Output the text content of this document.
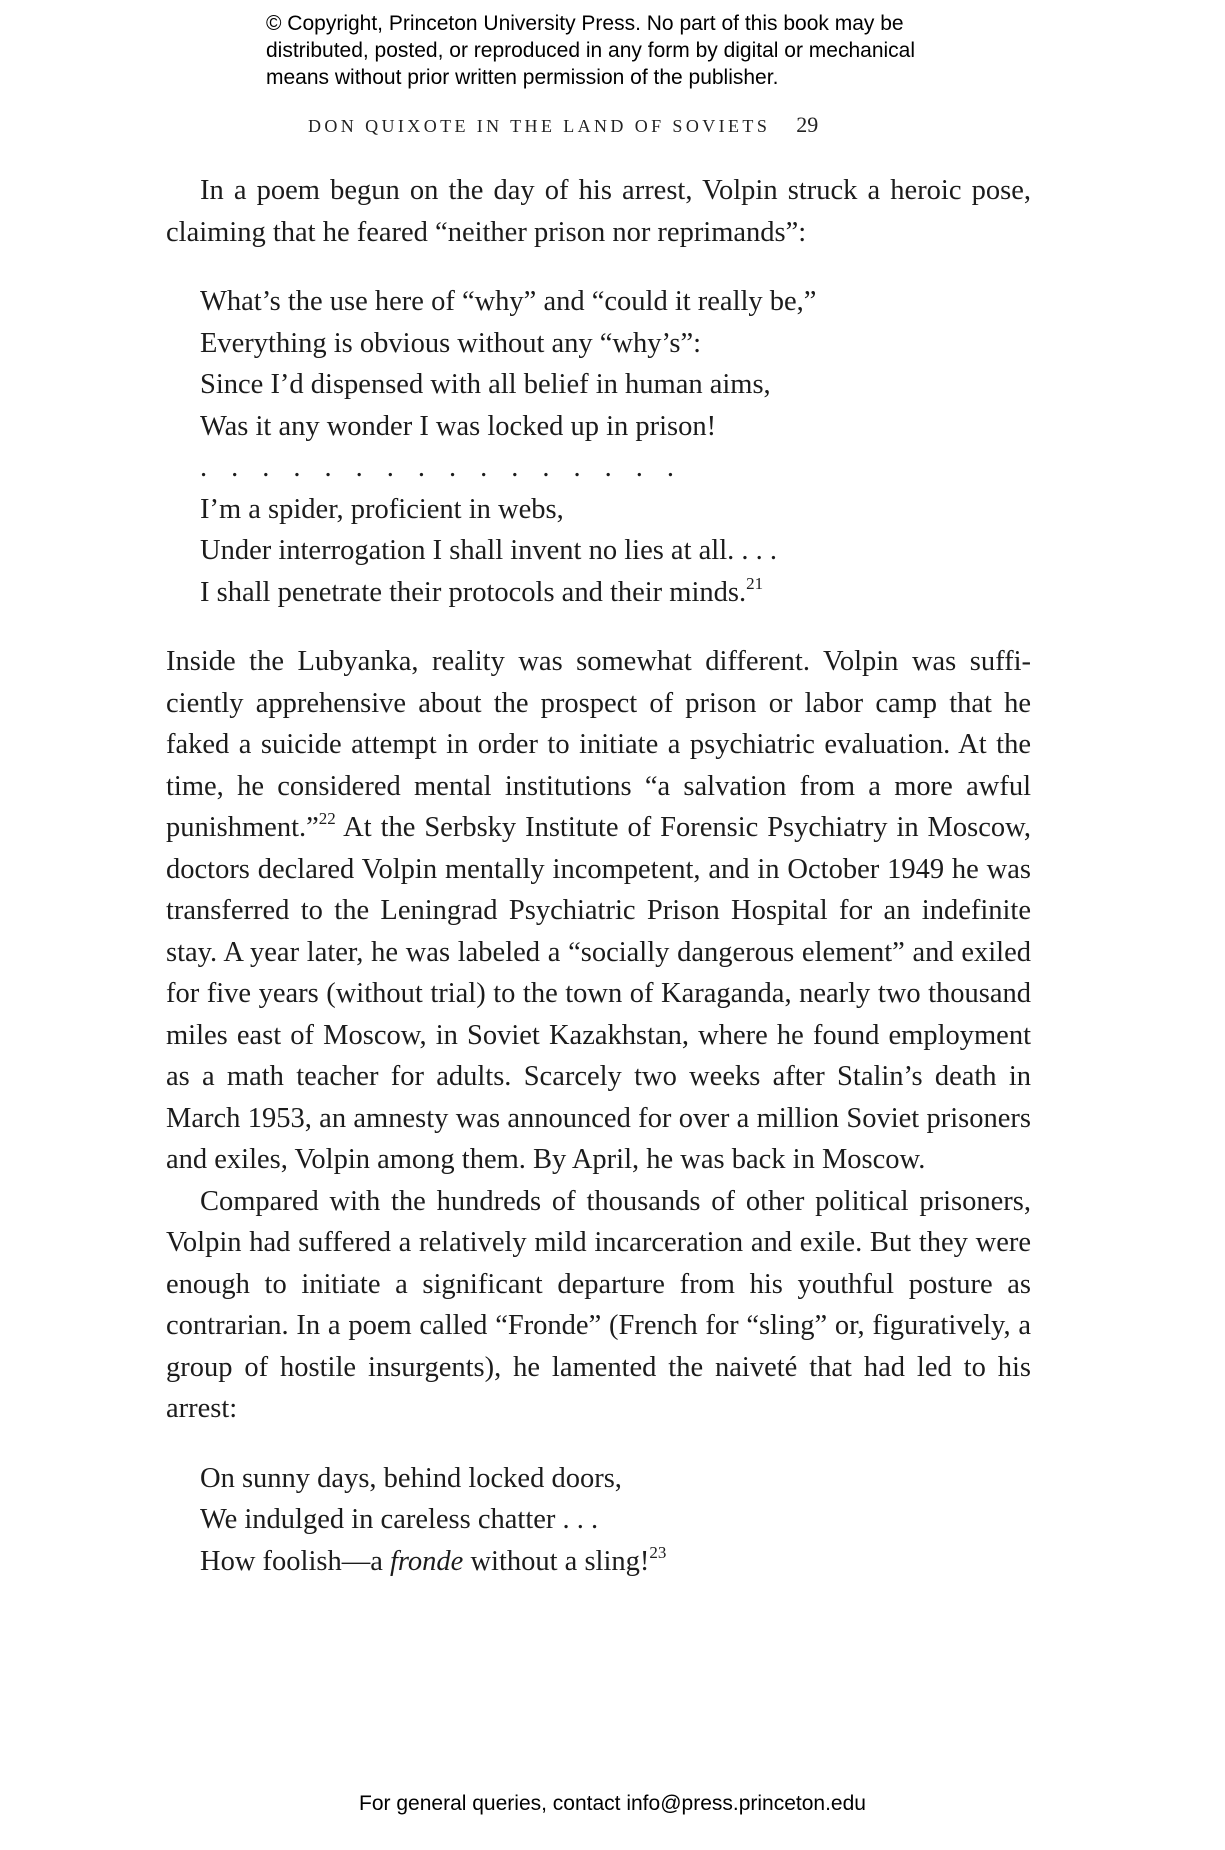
© Copyright, Princeton University Press. No part of this book may be
distributed, posted, or reproduced in any form by digital or mechanical
means without prior written permission of the publisher.
DON QUIXOTE IN THE LAND OF SOVIETS 29

In a poem begun on the day of his arrest, Volpin struck a heroic pose, claiming that he feared “neither prison nor reprimands”:

What’s the use here of “why” and “could it really be,”
Everything is obvious without any “why’s”:
Since I’d dispensed with all belief in human aims,
Was it any wonder I was locked up in prison!
................
I’m a spider, proficient in webs,
Under interrogation I shall invent no lies at all. . . .
I shall penetrate their protocols and their minds.$^{21}$

Inside the Lubyanka, reality was somewhat different. Volpin was sufficiently apprehensive about the prospect of prison or labor camp that he faked a suicide attempt in order to initiate a psychiatric evaluation. At the time, he considered mental institutions “a salvation from a more awful punishment.”$^{22}$ At the Serbsky Institute of Forensic Psychiatry in Moscow, doctors declared Volpin mentally incompetent, and in October 1949 he was transferred to the Leningrad Psychiatric Prison Hospital for an indefinite stay. A year later, he was labeled a “socially dangerous element” and exiled for five years (without trial) to the town of Karaganda, nearly two thousand miles east of Moscow, in Soviet Kazakhstan, where he found employment as a math teacher for adults. Scarcely two weeks after Stalin’s death in March 1953, an amnesty was announced for over a million Soviet prisoners and exiles, Volpin among them. By April, he was back in Moscow.

Compared with the hundreds of thousands of other political prisoners, Volpin had suffered a relatively mild incarceration and exile. But they were enough to initiate a significant departure from his youthful posture as contrarian. In a poem called “Fronde” (French for “sling” or, figuratively, a group of hostile insurgents), he lamented the naiveté that had led to his arrest:

On sunny days, behind locked doors,
We indulged in careless chatter . . .
How foolish—a fronde without a sling!$^{23}$
For general queries, contact info@press.princeton.edu
